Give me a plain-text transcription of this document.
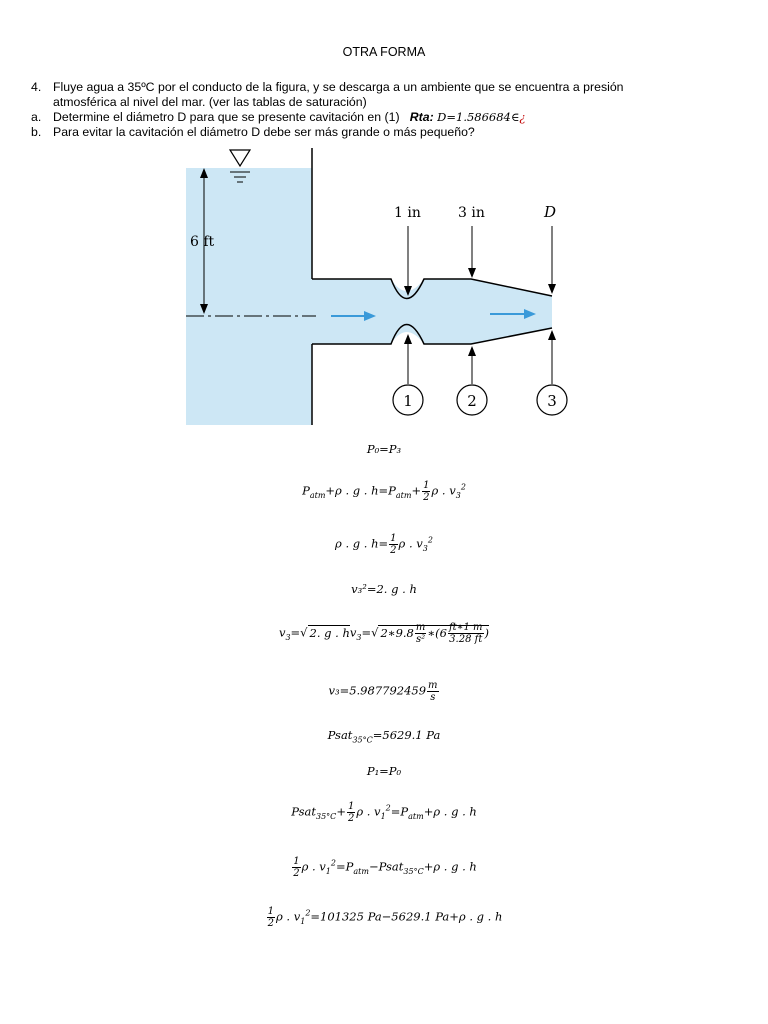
OTRA FORMA
4. Fluye agua a 35ºC por el conducto de la figura, y se descarga a un ambiente que se encuentra a presión
atmosférica al nivel del mar. (ver las tablas de saturación)
a. Determine el diámetro D para que se presente cavitación en (1) Rta: D=1.586684∈¿
b. Para evitar la cavitación el diámetro D debe ser más grande o más pequeño?
6 ft
1 in	3 in	D
1	2	3
P₀=P₃
$P_{atm}+\rho$ . g . $h=P_{atm}+ \frac{1}{2}$ ρ . $v_3^2$
ρ . g . $h= \frac{1}{2}$ ρ . $v_3^2$
v₃²=2. g . h
$v_3=√$ 2. g . $hv_3=√$ 2∗9.8 $\frac{m}{\text{s²}}$ ∗(6 $\frac{ft∗1 m}{3.28 ft}$ )
$v_3=5.987792459 \frac{m}{s}$
Psat$_{35^\circ C}$=5629.1 Pa
P₁=P₀
Psat$_{35^\circ C}$+ $\frac{1}{2}$ ρ . $v_1^2=P_{atm}+\rho$ . g . h
$\frac{1}{2}$ ρ . $v_1^2=P_{atm}-Psat_{35^\circ C}+\rho$ . g . h
$\frac{1}{2}$ ρ . $v_1^2=101325$ Pa−5629.1 Pa+ρ . g . h
